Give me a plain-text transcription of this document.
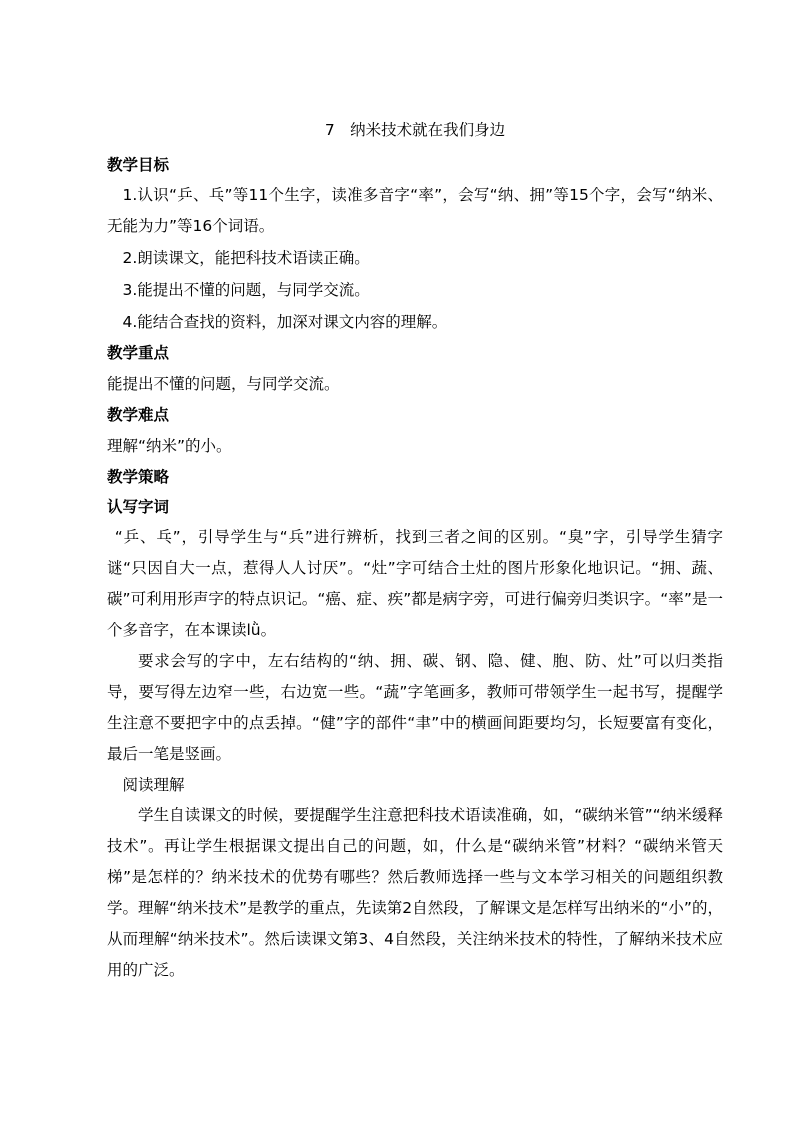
7　纳米技术就在我们身边
教学目标
1.认识“乒、乓”等11个生字，读准多音字“率”，会写“纳、拥”等15个字，会写“纳米、无能为力”等16个词语。
2.朗读课文，能把科技术语读正确。
3.能提出不懂的问题，与同学交流。
4.能结合查找的资料，加深对课文内容的理解。
教学重点
能提出不懂的问题，与同学交流。
教学难点
理解“纳米”的小。
教学策略
认写字词
“乒、乓”，引导学生与“兵”进行辨析，找到三者之间的区别。“臭”字，引导学生猜字谜“只因自大一点，惹得人人讨厌”。“灶”字可结合土灶的图片形象化地识记。“拥、蔬、碳”可利用形声字的特点识记。“癌、症、疾”都是病字旁，可进行偏旁归类识字。“率”是一个多音字，在本课读lǜ。
要求会写的字中，左右结构的“纳、拥、碳、钢、隐、健、胞、防、灶”可以归类指导，要写得左边窄一些，右边宽一些。“蔬”字笔画多，教师可带领学生一起书写，提醒学生注意不要把字中的点丢掉。“健”字的部件“聿”中的横画间距要均匀，长短要富有变化，最后一笔是竖画。
阅读理解
学生自读课文的时候，要提醒学生注意把科技术语读准确，如，“碳纳米管”“纳米缓释技术”。再让学生根据课文提出自己的问题，如，什么是“碳纳米管”材料？“碳纳米管天梯”是怎样的？纳米技术的优势有哪些？然后教师选择一些与文本学习相关的问题组织教学。理解“纳米技术”是教学的重点，先读第2自然段，了解课文是怎样写出纳米的“小”的，从而理解“纳米技术”。然后读课文第3、4自然段，关注纳米技术的特性，了解纳米技术应用的广泛。
